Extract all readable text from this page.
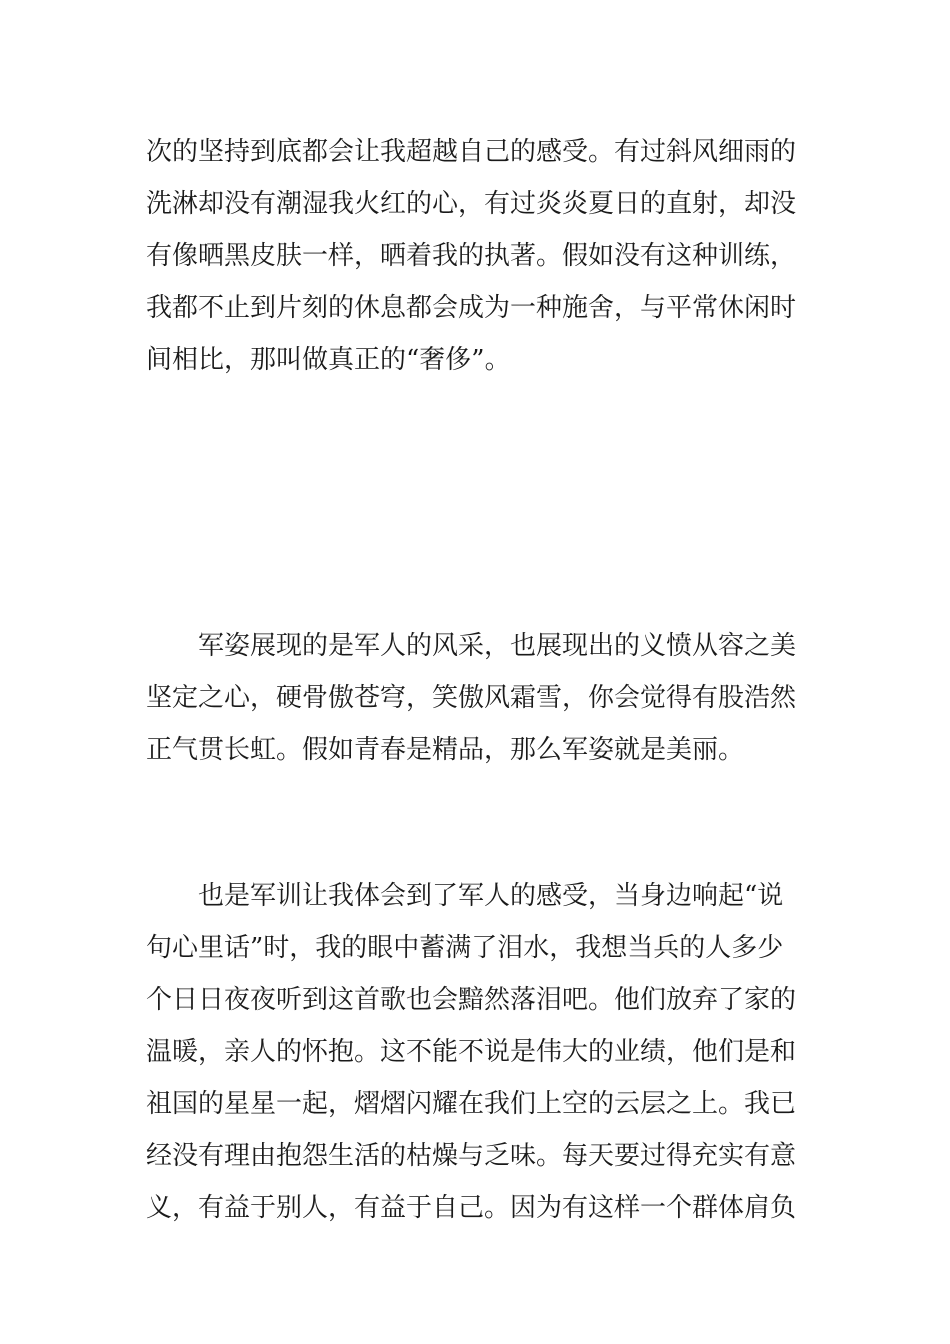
次的坚持到底都会让我超越自己的感受。有过斜风细雨的
洗淋却没有潮湿我火红的心，有过炎炎夏日的直射，却没
有像晒黑皮肤一样，晒着我的执著。假如没有这种训练，
我都不止到片刻的休息都会成为一种施舍，与平常休闲时
间相比，那叫做真正的“奢侈”。
军姿展现的是军人的风采，也展现出的义愤从容之美
坚定之心，硬骨傲苍穹，笑傲风霜雪，你会觉得有股浩然
正气贯长虹。假如青春是精品，那么军姿就是美丽。
也是军训让我体会到了军人的感受，当身边响起“说
句心里话”时，我的眼中蓄满了泪水，我想当兵的人多少
个日日夜夜听到这首歌也会黯然落泪吧。他们放弃了家的
温暖，亲人的怀抱。这不能不说是伟大的业绩，他们是和
祖国的星星一起，熠熠闪耀在我们上空的云层之上。我已
经没有理由抱怨生活的枯燥与乏味。每天要过得充实有意
义，有益于别人，有益于自己。因为有这样一个群体肩负
